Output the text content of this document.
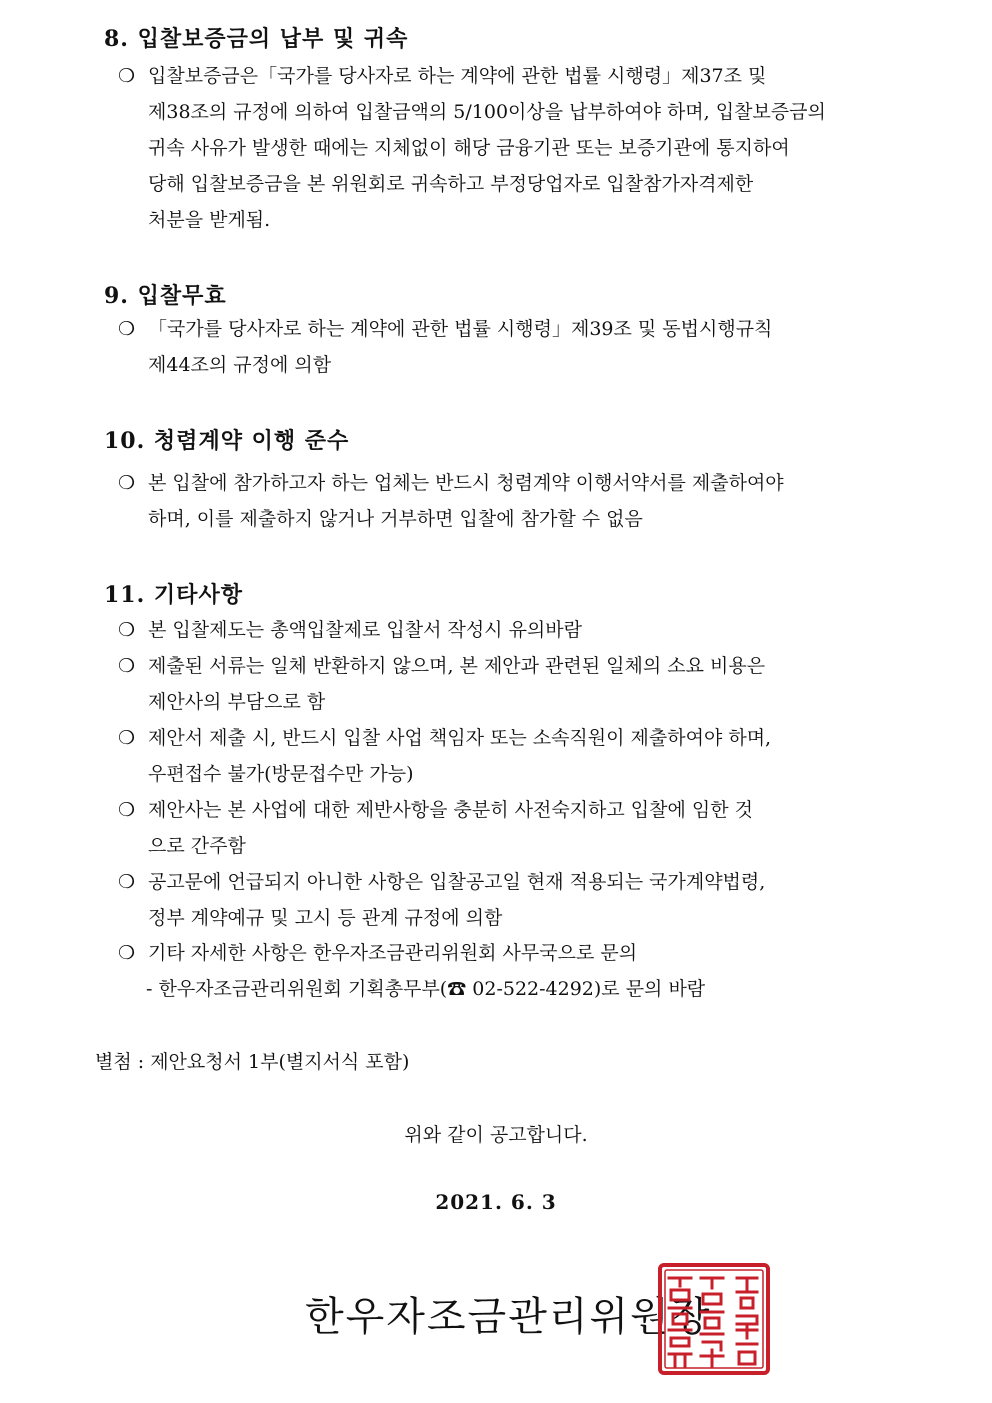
8. 입찰보증금의 납부 및 귀속
❍ 입찰보증금은「국가를 당사자로 하는 계약에 관한 법률 시행령」제37조 및
제38조의 규정에 의하여 입찰금액의 5/100이상을 납부하여야 하며, 입찰보증금의
귀속 사유가 발생한 때에는 지체없이 해당 금융기관 또는 보증기관에 통지하여
당해 입찰보증금을 본 위원회로 귀속하고 부정당업자로 입찰참가자격제한
처분을 받게됨.
9. 입찰무효
❍ 「국가를 당사자로 하는 계약에 관한 법률 시행령」제39조 및 동법시행규칙
제44조의 규정에 의함
10. 청렴계약 이행 준수
❍ 본 입찰에 참가하고자 하는 업체는 반드시 청렴계약 이행서약서를 제출하여야
하며, 이를 제출하지 않거나 거부하면 입찰에 참가할 수 없음
11. 기타사항
❍ 본 입찰제도는 총액입찰제로 입찰서 작성시 유의바람
❍ 제출된 서류는 일체 반환하지 않으며, 본 제안과 관련된 일체의 소요 비용은
제안사의 부담으로 함
❍ 제안서 제출 시, 반드시 입찰 사업 책임자 또는 소속직원이 제출하여야 하며,
우편접수 불가(방문접수만 가능)
❍ 제안사는 본 사업에 대한 제반사항을 충분히 사전숙지하고 입찰에 임한 것
으로 간주함
❍ 공고문에 언급되지 아니한 사항은 입찰공고일 현재 적용되는 국가계약법령,
정부 계약예규 및 고시 등 관계 규정에 의함
❍ 기타 자세한 사항은 한우자조금관리위원회 사무국으로 문의
- 한우자조금관리위원회 기획총무부(☎ 02-522-4292)로 문의 바람
별첨 : 제안요청서 1부(별지서식 포함)
위와 같이 공고합니다.
2021. 6. 3
한우자조금관리위원장
